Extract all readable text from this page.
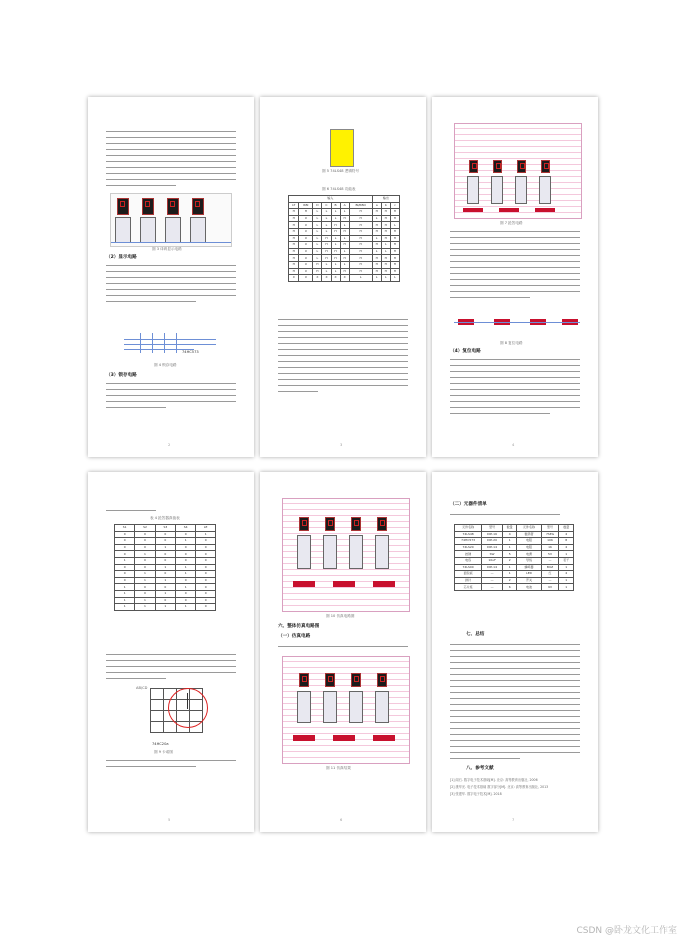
图 3 译码显示电路
（2）显示电路
74HC573
图 4 锁存电路
（3）锁存电路
2
图 5 74LS48 逻辑符号
图 6 74LS48 功能表
输入							输出		
LT	RBI	D	C	B	A	BI/RBO	a	b	c
H	H	L	L	L	L	H	H	H	H
H	X	L	L	L	H	H	L	H	H
H	X	L	L	H	L	H	H	H	L
H	X	L	L	H	H	H	H	H	H
H	X	L	H	L	L	H	L	H	H
H	X	L	H	L	H	H	H	L	H
H	X	L	H	H	L	H	L	L	H
H	X	L	H	H	H	H	H	H	H
H	X	H	L	L	L	H	H	H	H
H	X	H	L	L	H	H	H	H	H
X	X	X	X	X	X	L	L	L	L
3
图 7 抢答电路
图 8 复位电路
（4）复位电路
4
表 4 抢答器真值表
S1	S2	S3	S4	LE
0	0	0	0	1
0	0	0	1	0
0	0	1	0	0
0	1	0	0	0
1	0	0	0	0
0	0	1	1	0
0	1	0	1	0
0	1	1	0	0
1	0	0	1	0
1	0	1	0	0
1	1	0	0	0
1	1	1	1	0
AB\CD

74HC20a
图 9 卡诺图
5
图 10 仿真电路图
六、整体仿真电路图
（一）仿真电路
图 11 仿真结果
6
（二）元器件清单
元件名称	型号	数量	元件名称	型号	数量
74LS48	DIP-16	4	数码管	7SEG	4
74HC573	DIP-20	1	电阻	10K	8
74LS20	DIP-14	1	电阻	1K	4
按键	SW	5	电源	5V	1
电容	10uF	2	导线	—	若干
74LS00	DIP-14	1	蜂鸣器	BUZ	1
面包板	—	1	LED	红	4
排针	—	2	开关	—	1
芯片座	—	6	电池	9V	1
七、总结
八、参考文献
[1] 阎石. 数字电子技术基础[M]. 北京: 高等教育出版社, 2006
[2] 康华光. 电子技术基础 数字部分[M]. 北京: 高等教育出版社, 2013
[3] 张建华. 数字电子技术[M]. 2018
7
CSDN @卧龙文化工作室
